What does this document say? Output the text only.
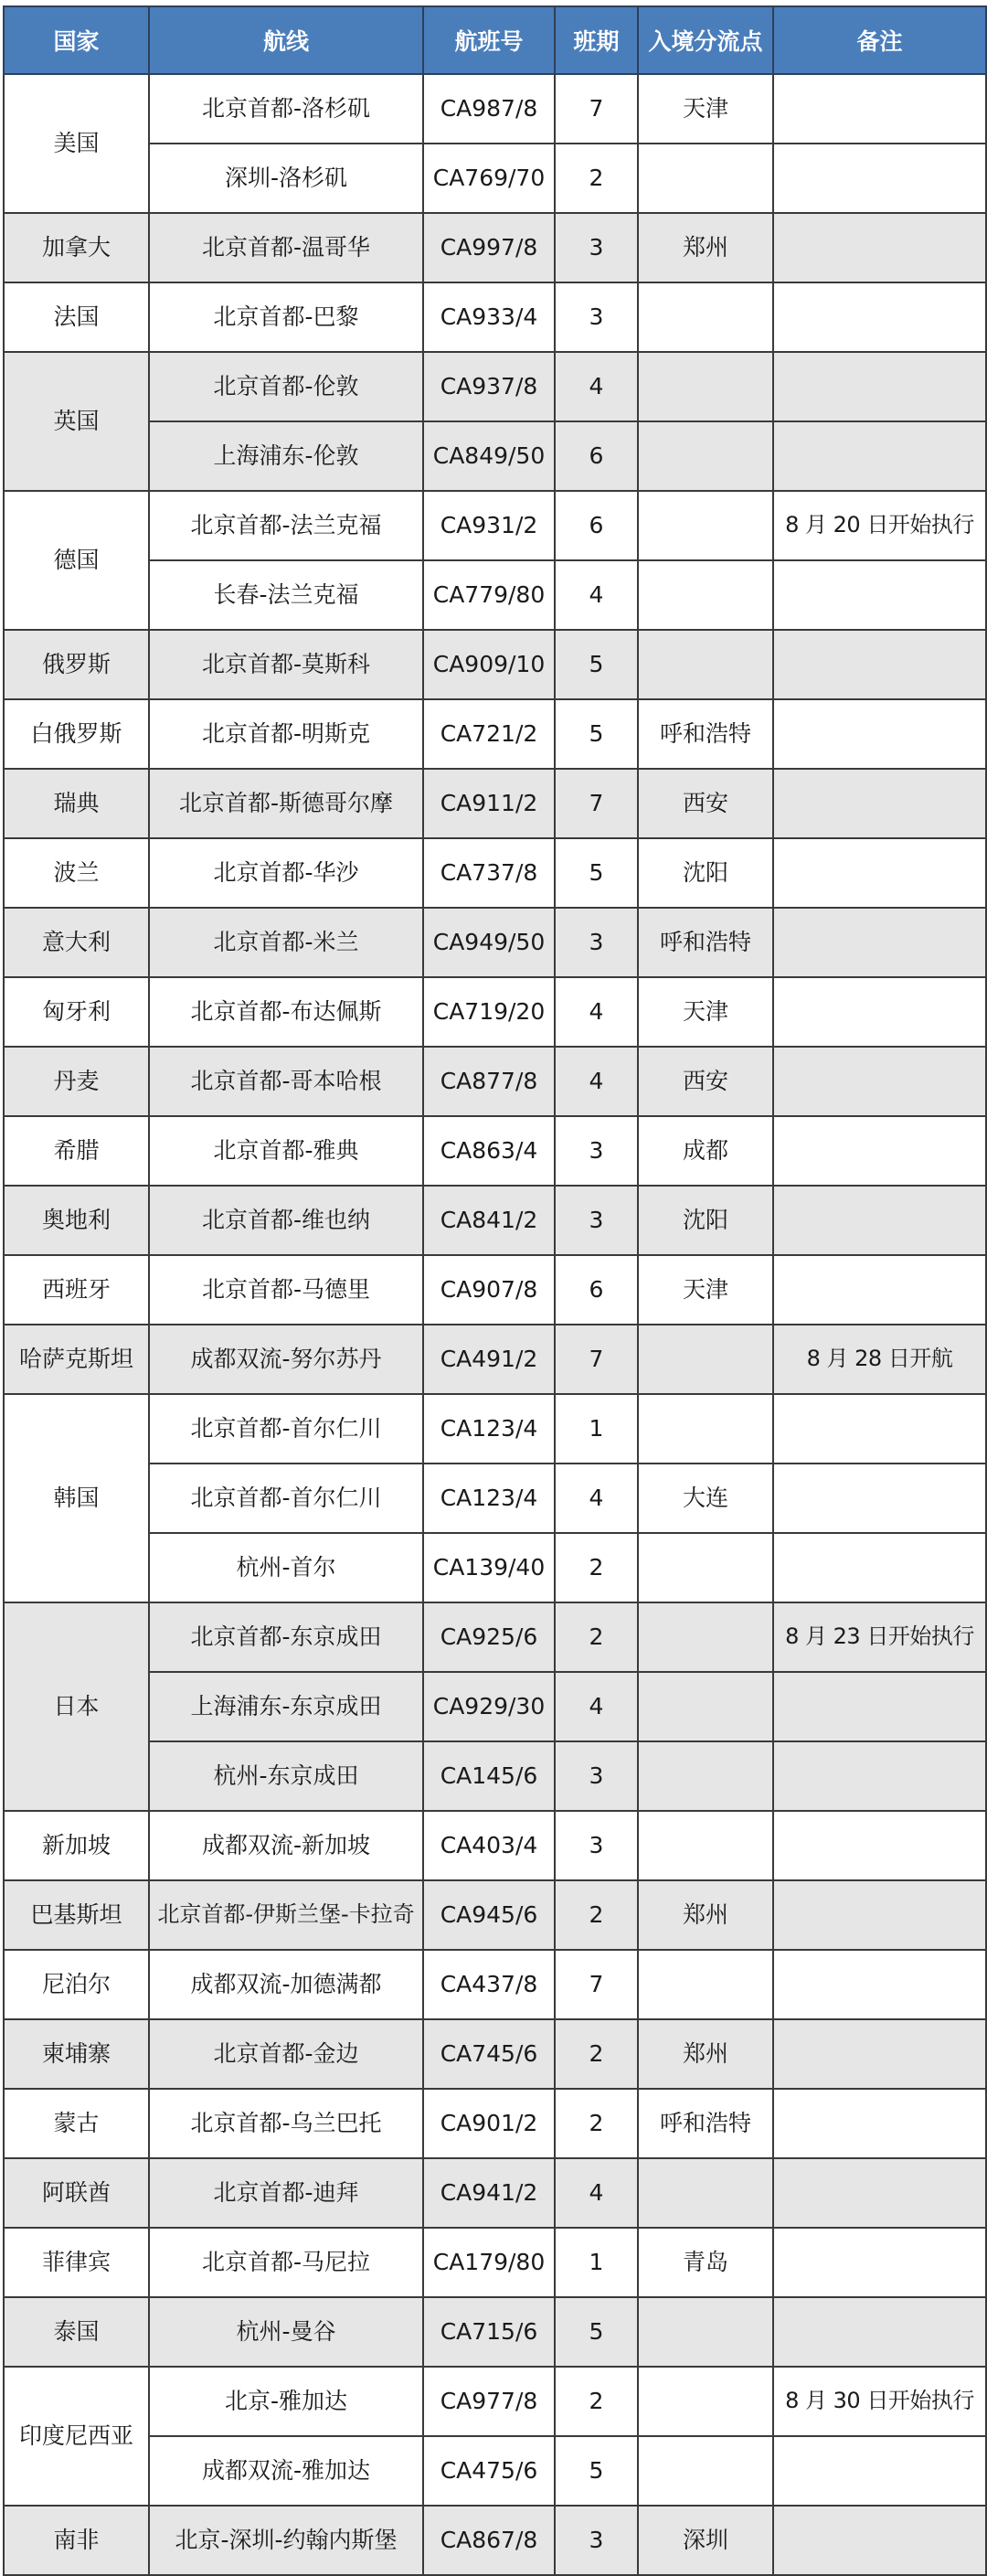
国家	航线	航班号	班期	入境分流点	备注
美国	北京首都-洛杉矶	CA987/8	7	天津	
	深圳-洛杉矶	CA769/70	2		
加拿大	北京首都-温哥华	CA997/8	3	郑州	
法国	北京首都-巴黎	CA933/4	3		
英国	北京首都-伦敦	CA937/8	4		
	上海浦东-伦敦	CA849/50	6		
德国	北京首都-法兰克福	CA931/2	6		8 月 20 日开始执行
	长春-法兰克福	CA779/80	4		
俄罗斯	北京首都-莫斯科	CA909/10	5		
白俄罗斯	北京首都-明斯克	CA721/2	5	呼和浩特	
瑞典	北京首都-斯德哥尔摩	CA911/2	7	西安	
波兰	北京首都-华沙	CA737/8	5	沈阳	
意大利	北京首都-米兰	CA949/50	3	呼和浩特	
匈牙利	北京首都-布达佩斯	CA719/20	4	天津	
丹麦	北京首都-哥本哈根	CA877/8	4	西安	
希腊	北京首都-雅典	CA863/4	3	成都	
奥地利	北京首都-维也纳	CA841/2	3	沈阳	
西班牙	北京首都-马德里	CA907/8	6	天津	
哈萨克斯坦	成都双流-努尔苏丹	CA491/2	7		8 月 28 日开航
韩国	北京首都-首尔仁川	CA123/4	1		
	北京首都-首尔仁川	CA123/4	4	大连	
	杭州-首尔	CA139/40	2		
日本	北京首都-东京成田	CA925/6	2		8 月 23 日开始执行
	上海浦东-东京成田	CA929/30	4		
	杭州-东京成田	CA145/6	3		
新加坡	成都双流-新加坡	CA403/4	3		
巴基斯坦	北京首都-伊斯兰堡-卡拉奇	CA945/6	2	郑州	
尼泊尔	成都双流-加德满都	CA437/8	7		
柬埔寨	北京首都-金边	CA745/6	2	郑州	
蒙古	北京首都-乌兰巴托	CA901/2	2	呼和浩特	
阿联酋	北京首都-迪拜	CA941/2	4		
菲律宾	北京首都-马尼拉	CA179/80	1	青岛	
泰国	杭州-曼谷	CA715/6	5		
印度尼西亚	北京-雅加达	CA977/8	2		8 月 30 日开始执行
	成都双流-雅加达	CA475/6	5		
南非	北京-深圳-约翰内斯堡	CA867/8	3	深圳	
